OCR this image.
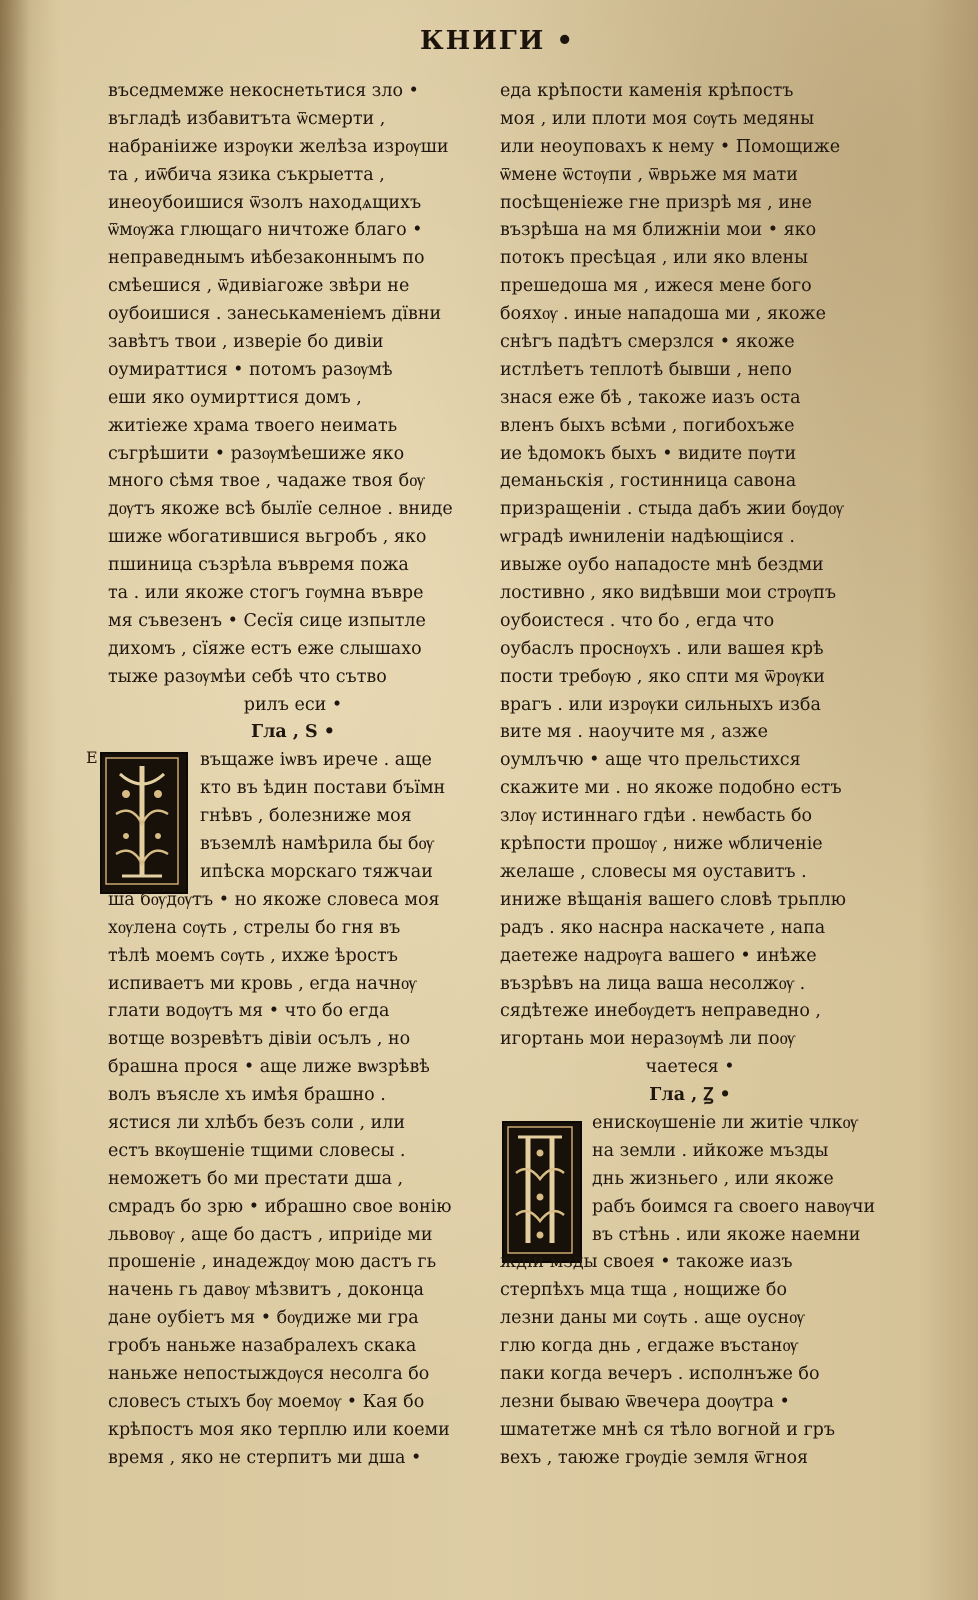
КНИГИ •
Е
въседмемже некоснетьтися зло •
въгладѣ избавитъта ѿсмерти ,
набраніиже изрѹки желѣза изрѹши
та , иѿбича язика съкрыетта ,
инеоубоишися ѿзолъ находѧщихъ
ѿмѹжа глющаго ничтоже благо •
неправеднымъ иѣбезаконнымъ по
смѣешися , ѿдивіагоже звѣри не
оубоишися . занеськаменіемъ дївни
завѣтъ твои , изверіе бо дивіи
оумираттися • потомъ разѹмѣ
еши яко оумирттися домъ ,
житіеже храма твоего неимать
съгрѣшити • разѹмѣешиже яко
много сѣмя твое , чадаже твоя бѹ
дѹтъ якоже всѣ былїе селное . вниде
шиже ѡбогатившися вьгробъ , яко
пшиница съзрѣла въвремя пожа
та . или якоже стогъ гѹмна въвре
мя съвезенъ • Сесїя сице изпытле
дихомъ , сїяже естъ еже слышахо
тыже разѹмѣи себѣ что сътво
рилъ еси •
Гла , Ѕ •
въщаже іѡвъ ирече . аще
кто въ ѣдин постави бъїмн
гнѣвъ , болезниже моя
въземлѣ намѣрила бы бѹ
ипѣска морскаго тяжчаи
ша бѹдѹтъ • но якоже словеса моя
хѹлена сѹть , стрелы бо гня въ
тѣлѣ моемъ сѹть , ихже ѣростъ
испиваетъ ми кровь , егда начнѹ
глати водѹтъ мя • что бо егда
вотще возревѣтъ дівіи осълъ , но
брашна прося • аще лиже вѡзрѣвѣ
волъ въясле хъ имѣя брашно .
ястися ли хлѣбъ безъ соли , или
естъ вкѹшеніе тщими словесы .
неможетъ бо ми престати дша ,
смрадъ бо зрю • ибрашно свое вонію
львовѹ , аще бо дастъ , иприіде ми
прошеніе , инадеждѹ мою дастъ гь
начень гь давѹ мѣзвитъ , доконца
дане оубіетъ мя • бѹдиже ми гра
гробъ наньже назабралехъ скака
наньже непостыждѹся несолга бо
словесъ стыхъ бѹ моемѹ • Кая бо
крѣпостъ моя яко терплю или коеми
время , яко не стерпитъ ми дша •
еда крѣпости каменія крѣпостъ
моя , или плоти моя сѹть медяны
или неоуповахъ к нему • Помощиже
ѿмене ѿстѹпи , ѿврьже мя мати
посѣщеніеже гне призрѣ мя , ине
възрѣша на мя ближніи мои • яко
потокъ пресѣцая , или яко влены
прешедоша мя , ижеся мене бого
бояхѹ . иные нападоша ми , якоже
снѣгъ падѣтъ смерзлся • якоже
истлѣетъ теплотѣ бывши , непо
знася еже бѣ , такоже иазъ оста
вленъ быхъ всѣми , погибохъже
ие ѣдомокъ быхъ • видите пѹти
деманьскія , гостинница савона
призращеніи . стыда дабъ жии бѹдѹ
ѡградѣ иѡниленіи надѣющіися .
ивыже оубо нападосте мнѣ бездми
лостивно , яко видѣвши мои стрѹпъ
оубоистеся . что бо , егда что
оубаслъ проснѹхъ . или вашея крѣ
пости требѹю , яко спти мя ѿрѹки
врагъ . или изрѹки сильныхъ изба
вите мя . наоучите мя , азже
оумлъчю • аще что прельстихся
скажите ми . но якоже подобно естъ
злѹ истиннаго гдѣи . неѡбасть бо
крѣпости прошѹ , ниже ѡбличеніе
желаше , словесы мя оуставитъ .
иниже вѣщанія вашего словѣ трьплю
радъ . яко наснра наскачете , напа
даетеже надрѹга вашего • инѣже
възрѣвъ на лица ваша несолжѹ .
сядѣтеже инебѹдетъ неправедно ,
игортань мои неразѹмѣ ли поѹ
чаетеся •
Гла , Ꙁ •
енискѹшеніе ли житіе члкѹ
на земли . ийкоже мъзды
днь жизньего , или якоже
рабъ боимся га своего навѹчи
въ стѣнь . или якоже наемни
ждіи мзды своея • такоже иазъ
стерпѣхъ мца тща , нощиже бо
лезни даны ми сѹть . аще оуснѹ
глю когда днь , егдаже въстанѹ
паки когда вечеръ . исполнъже бо
лезни бываю ѿвечера доѹтра •
шматетже мнѣ ся тѣло вогной и гръ
вехъ , таюже грѹдіе земля ѿгноя
